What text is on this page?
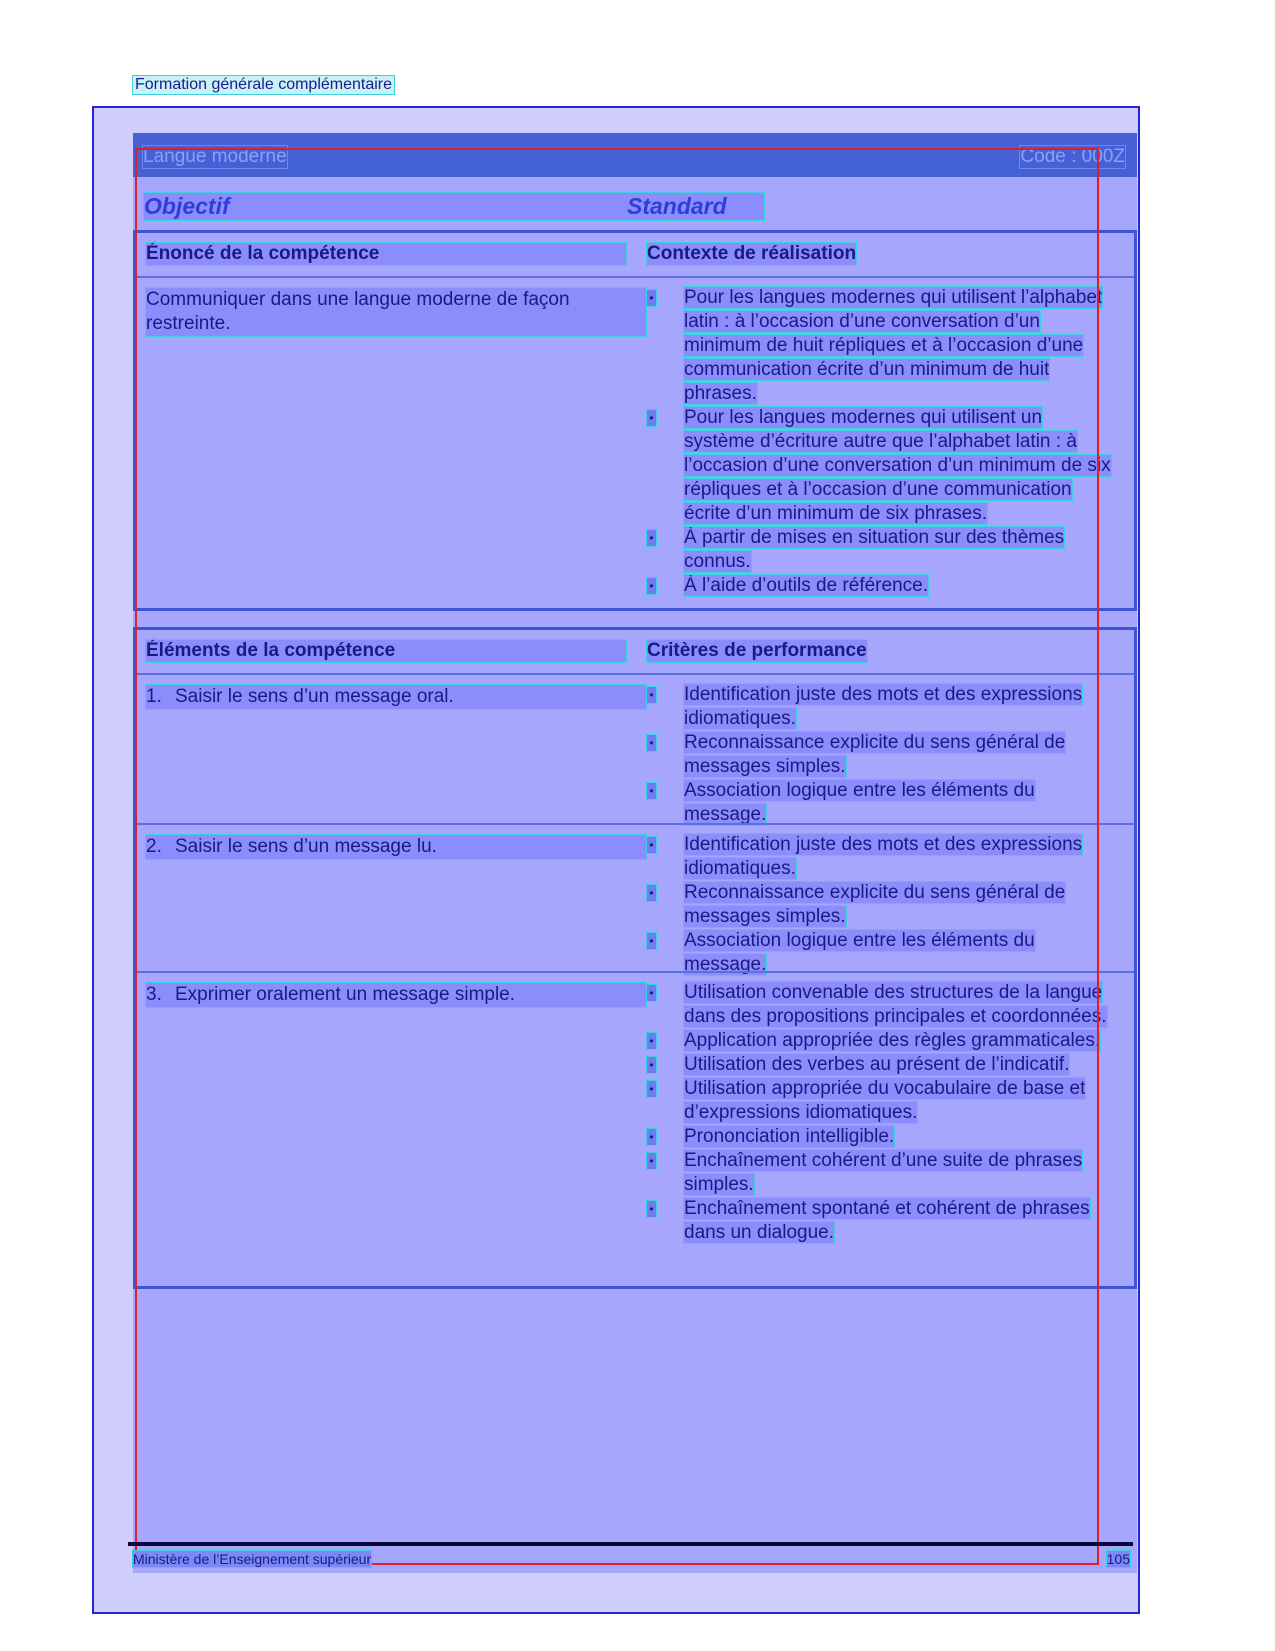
Formation générale complémentaire
Langue moderne	Code : 000Z
Objectif	Standard
Énoncé de la compétence	Contexte de réalisation
Communiquer dans une langue moderne de façon restreinte.
• Pour les langues modernes qui utilisent l’alphabet latin : à l’occasion d’une conversation d’un minimum de huit répliques et à l’occasion d’une communication écrite d’un minimum de huit phrases.
• Pour les langues modernes qui utilisent un système d’écriture autre que l’alphabet latin : à l’occasion d’une conversation d’un minimum de six répliques et à l’occasion d’une communication écrite d’un minimum de six phrases.
• À partir de mises en situation sur des thèmes connus.
• À l’aide d’outils de référence.
Éléments de la compétence	Critères de performance
1. Saisir le sens d’un message oral.	• Identification juste des mots et des expressions idiomatiques.
• Reconnaissance explicite du sens général de messages simples.
• Association logique entre les éléments du message.
2. Saisir le sens d’un message lu.	• Identification juste des mots et des expressions idiomatiques.
• Reconnaissance explicite du sens général de messages simples.
• Association logique entre les éléments du message.
3. Exprimer oralement un message simple.	• Utilisation convenable des structures de la langue dans des propositions principales et coordonnées.
• Application appropriée des règles grammaticales.
• Utilisation des verbes au présent de l’indicatif.
• Utilisation appropriée du vocabulaire de base et d’expressions idiomatiques.
• Prononciation intelligible.
• Enchaînement cohérent d’une suite de phrases simples.
• Enchaînement spontané et cohérent de phrases dans un dialogue.
Ministère de l’Enseignement supérieur	105
